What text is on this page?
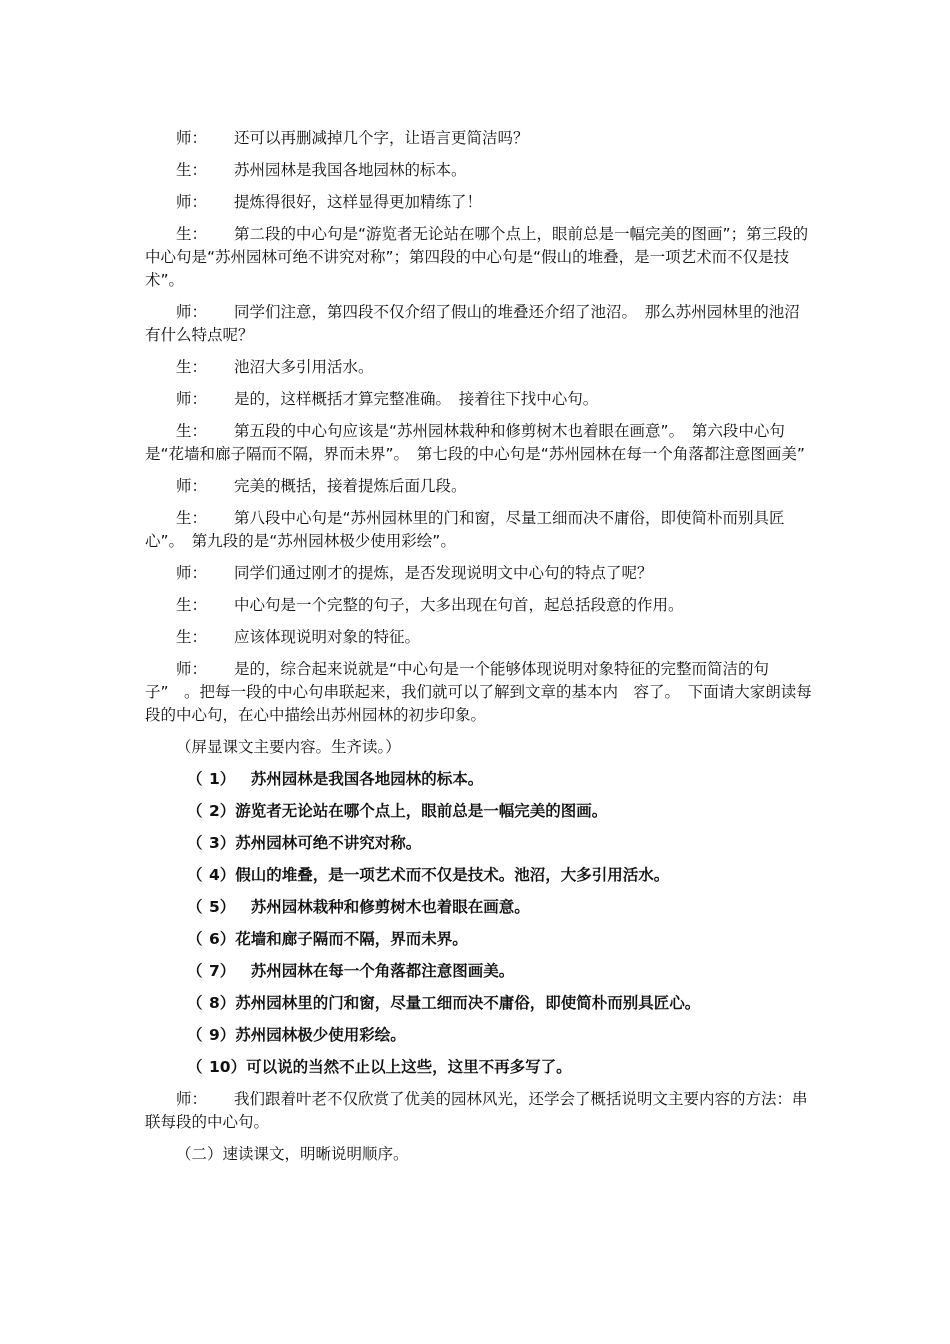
师： 还可以再删减掉几个字，让语言更简洁吗？

生： 苏州园林是我国各地园林的标本。

师： 提炼得很好，这样显得更加精练了！

生： 第二段的中心句是“游览者无论站在哪个点上，眼前总是一幅完美的图画”；第三段的中心句是“苏州园林可绝不讲究对称”；第四段的中心句是“假山的堆叠，是一项艺术而不仅是技术”。

师： 同学们注意，第四段不仅介绍了假山的堆叠还介绍了池沼。　那么苏州园林里的池沼有什么特点呢？

生： 池沼大多引用活水。

师： 是的，这样概括才算完整准确。　接着往下找中心句。

生： 第五段的中心句应该是“苏州园林栽种和修剪树木也着眼在画意”。　第六段中心句是“花墙和廊子隔而不隔，界而未界”。　第七段的中心句是“苏州园林在每一个角落都注意图画美”

师： 完美的概括，接着提炼后面几段。

生： 第八段中心句是“苏州园林里的门和窗，尽量工细而决不庸俗，即使简朴而别具匠心”。　第九段的是“苏州园林极少使用彩绘”。

师： 同学们通过刚才的提炼，是否发现说明文中心句的特点了呢？

生： 中心句是一个完整的句子，大多出现在句首，起总括段意的作用。

生： 应该体现说明对象的特征。

师： 是的，综合起来说就是“中心句是一个能够体现说明对象特征的完整而简洁的句子”　。把每一段的中心句串联起来，我们就可以了解到文章的基本内　容了。　下面请大家朗读每段的中心句，在心中描绘出苏州园林的初步印象。

（屏显课文主要内容。生齐读。）

（ 1）　苏州园林是我国各地园林的标本。
（ 2）游览者无论站在哪个点上，眼前总是一幅完美的图画。
（ 3）苏州园林可绝不讲究对称。
（ 4）假山的堆叠，是一项艺术而不仅是技术。池沼，大多引用活水。
（ 5）　苏州园林栽种和修剪树木也着眼在画意。
（ 6）花墙和廊子隔而不隔，界而未界。
（ 7）　苏州园林在每一个角落都注意图画美。
（ 8）苏州园林里的门和窗，尽量工细而决不庸俗，即使简朴而别具匠心。
（ 9）苏州园林极少使用彩绘。
（ 10）可以说的当然不止以上这些，这里不再多写了。

师： 我们跟着叶老不仅欣赏了优美的园林风光，还学会了概括说明文主要内容的方法：串联每段的中心句。

（二）速读课文，明晰说明顺序。
